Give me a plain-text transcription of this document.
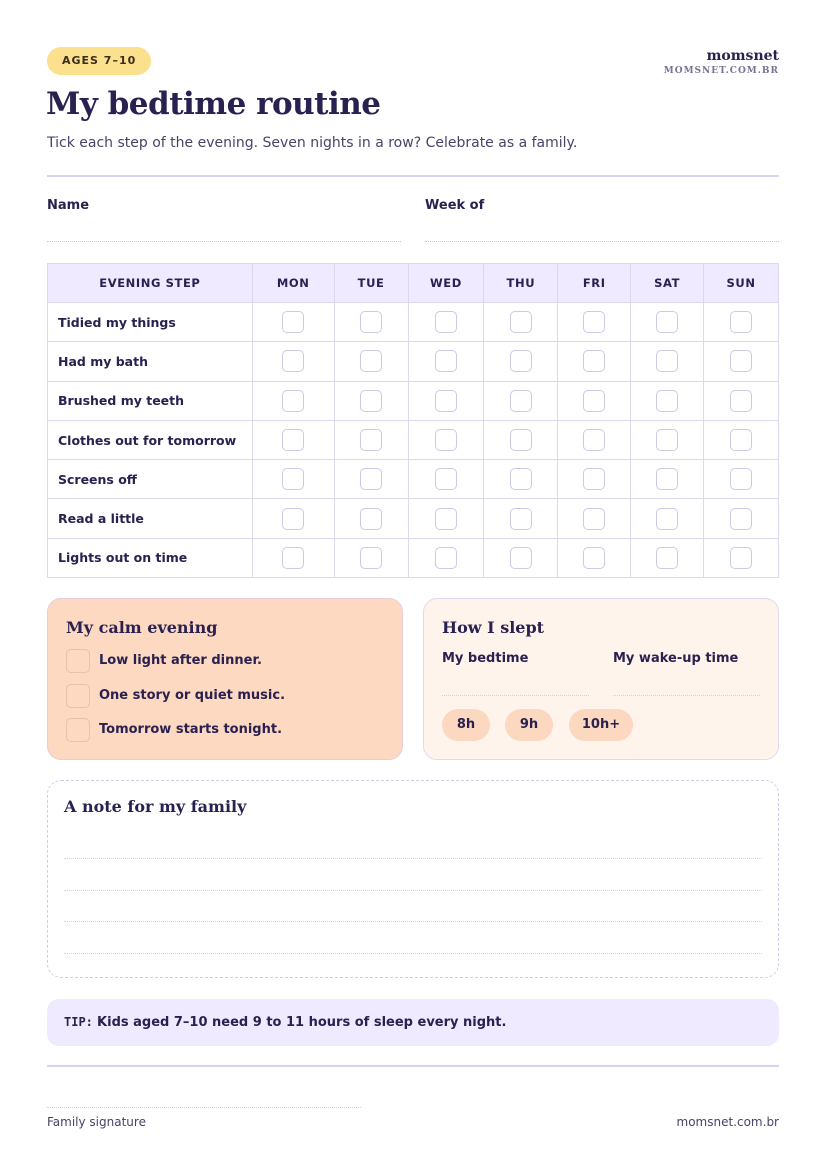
AGES 7–10	momsnet
MOMSNET.COM.BR
My bedtime routine
Tick each step of the evening. Seven nights in a row? Celebrate as a family.
Name	Week of
EVENING STEP	MON	TUE	WED	THU	FRI	SAT	SUN
Tidied my things	

Had my bath	

Brushed my teeth	

Clothes out for tomorrow	

Screens off	

Read a little	

Lights out on time	

My calm evening
Low light after dinner.
One story or quiet music.
Tomorrow starts tonight.
How I slept
My bedtime	My wake-up time
8h	9h	10h+
A note for my family
TIP: Kids aged 7–10 need 9 to 11 hours of sleep every night.
Family signature	momsnet.com.br
